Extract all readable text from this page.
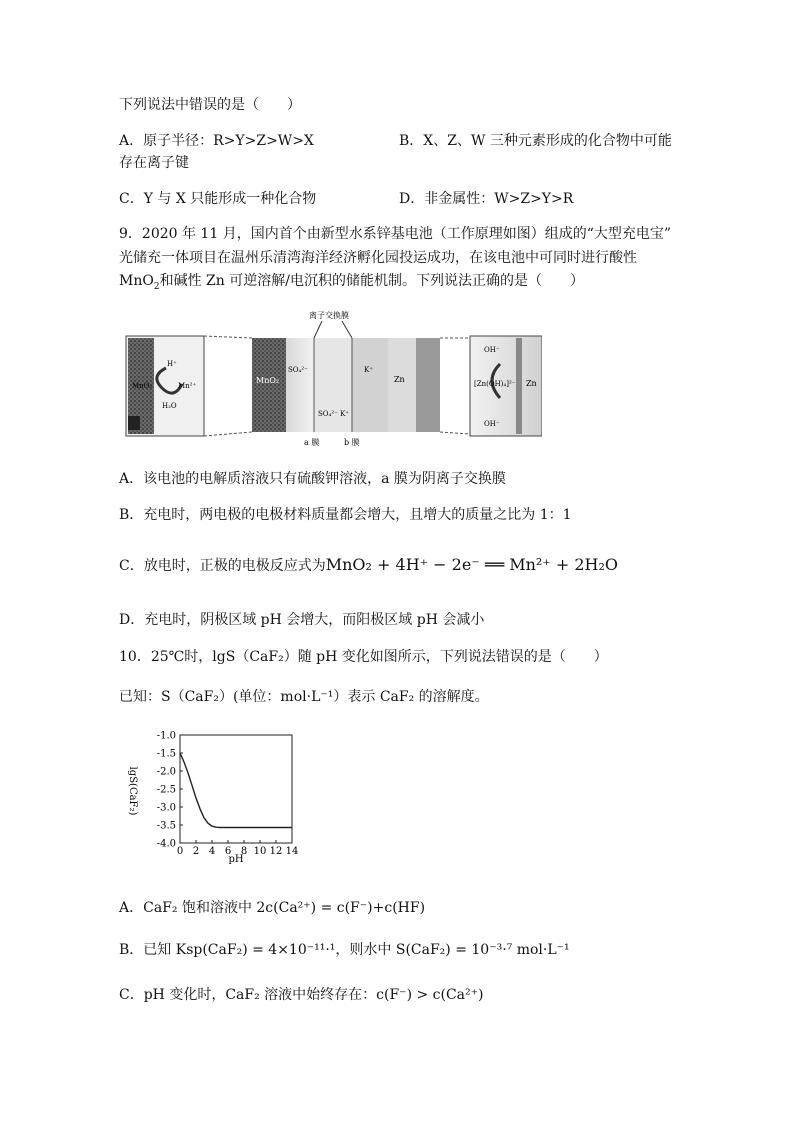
下列说法中错误的是（　　）
A．原子半径：R>Y>Z>W>X	B．X、Z、W 三种元素形成的化合物中可能
存在离子键
C．Y 与 X 只能形成一种化合物	D．非金属性：W>Z>Y>R
9．2020 年 11 月，国内首个由新型水系锌基电池（工作原理如图）组成的“大型充电宝”
光储充一体项目在温州乐清湾海洋经济孵化园投运成功，在该电池中可同时进行酸性
MnO$_2$和碱性 Zn 可逆溶解/电沉积的储能机制。下列说法正确的是（　　）
H⁺
MnO₂	Mn²⁺
H₂O
MnO₂
SO₄²⁻	K⁺
SO₄²⁻ K⁺
Zn
离子交换膜
a 膜	b 膜
OH⁻
[Zn(OH)₄]²⁻
OH⁻
Zn
A．该电池的电解质溶液只有硫酸钾溶液，a 膜为阴离子交换膜
B．充电时，两电极的电极材料质量都会增大，且增大的质量之比为 1：1
C．放电时，正极的电极反应式为MnO₂ + 4H⁺ − 2e⁻ ══ Mn²⁺ + 2H₂O
D．充电时，阴极区域 pH 会增大，而阳极区域 pH 会减小
10．25℃时，lgS（CaF₂）随 pH 变化如图所示，下列说法错误的是（　　）
已知：S（CaF₂）(单位：mol·L⁻¹）表示 CaF₂ 的溶解度。
-1.0
-1.5
-2.0
-2.5
-3.0
-3.5
-4.0
0 2 4 6 8 10 12 14
lgS(CaF₂)
pH
A．CaF₂ 饱和溶液中 2c(Ca²⁺) = c(F⁻)+c(HF)
B．已知 Ksp(CaF₂) = 4×10⁻¹¹·¹，则水中 S(CaF₂) = 10⁻³·⁷ mol·L⁻¹
C．pH 变化时，CaF₂ 溶液中始终存在：c(F⁻) > c(Ca²⁺)
